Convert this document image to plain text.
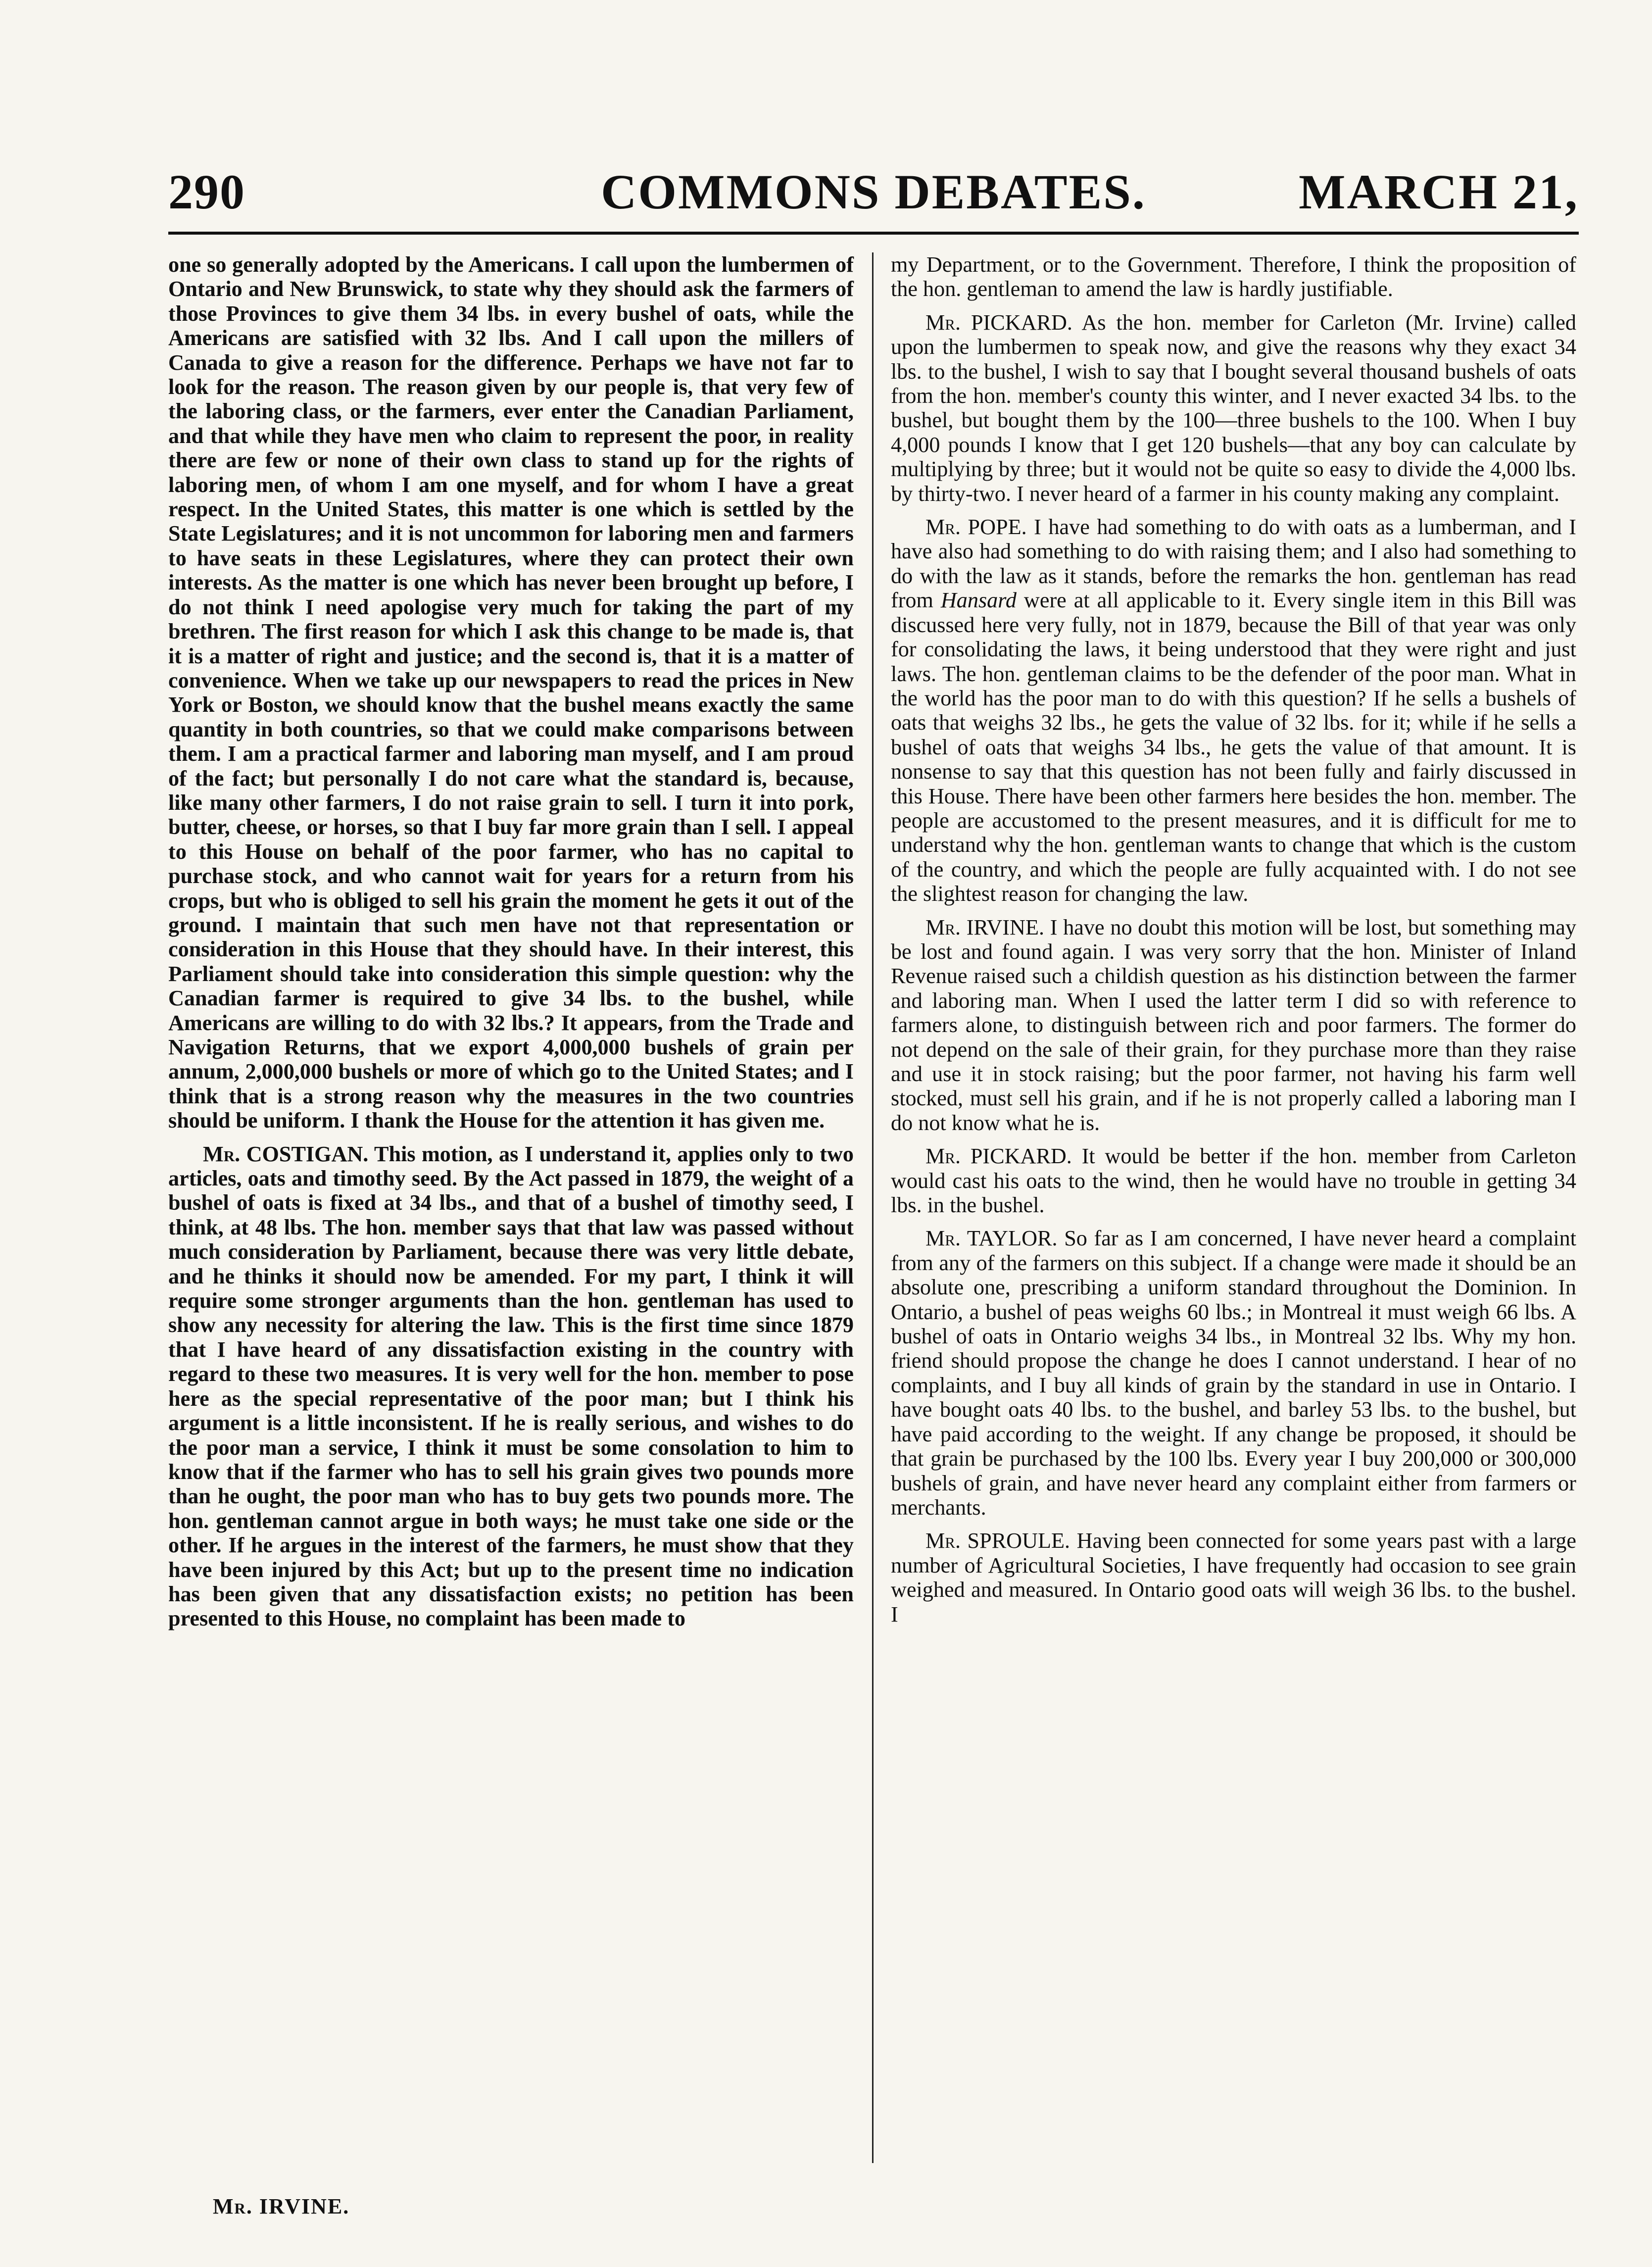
290	COMMONS DEBATES.	MARCH 21,

one so generally adopted by the Americans. I call upon the lumbermen of Ontario and New Brunswick, to state why they should ask the farmers of those Provinces to give them 34 lbs. in every bushel of oats, while the Americans are satisfied with 32 lbs. And I call upon the millers of Canada to give a reason for the difference. Perhaps we have not far to look for the reason. The reason given by our people is, that very few of the laboring class, or the farmers, ever enter the Canadian Parliament, and that while they have men who claim to represent the poor, in reality there are few or none of their own class to stand up for the rights of laboring men, of whom I am one myself, and for whom I have a great respect. In the United States, this matter is one which is settled by the State Legislatures; and it is not uncommon for laboring men and farmers to have seats in these Legislatures, where they can protect their own interests. As the matter is one which has never been brought up before, I do not think I need apologise very much for taking the part of my brethren. The first reason for which I ask this change to be made is, that it is a matter of right and justice; and the second is, that it is a matter of convenience. When we take up our newspapers to read the prices in New York or Boston, we should know that the bushel means exactly the same quantity in both countries, so that we could make comparisons between them. I am a practical farmer and laboring man myself, and I am proud of the fact; but personally I do not care what the standard is, because, like many other farmers, I do not raise grain to sell. I turn it into pork, butter, cheese, or horses, so that I buy far more grain than I sell. I appeal to this House on behalf of the poor farmer, who has no capital to purchase stock, and who cannot wait for years for a return from his crops, but who is obliged to sell his grain the moment he gets it out of the ground. I maintain that such men have not that representation or consideration in this House that they should have. In their interest, this Parliament should take into consideration this simple question: why the Canadian farmer is required to give 34 lbs. to the bushel, while Americans are willing to do with 32 lbs.? It appears, from the Trade and Navigation Returns, that we export 4,000,000 bushels of grain per annum, 2,000,000 bushels or more of which go to the United States; and I think that is a strong reason why the measures in the two countries should be uniform. I thank the House for the attention it has given me.

Mr. COSTIGAN. This motion, as I understand it, applies only to two articles, oats and timothy seed. By the Act passed in 1879, the weight of a bushel of oats is fixed at 34 lbs., and that of a bushel of timothy seed, I think, at 48 lbs. The hon. member says that that law was passed without much consideration by Parliament, because there was very little debate, and he thinks it should now be amended. For my part, I think it will require some stronger arguments than the hon. gentleman has used to show any necessity for altering the law. This is the first time since 1879 that I have heard of any dissatisfaction existing in the country with regard to these two measures. It is very well for the hon. member to pose here as the special representative of the poor man; but I think his argument is a little inconsistent. If he is really serious, and wishes to do the poor man a service, I think it must be some consolation to him to know that if the farmer who has to sell his grain gives two pounds more than he ought, the poor man who has to buy gets two pounds more. The hon. gentleman cannot argue in both ways; he must take one side or the other. If he argues in the interest of the farmers, he must show that they have been injured by this Act; but up to the present time no indication has been given that any dissatisfaction exists; no petition has been presented to this House, no complaint has been made to

my Department, or to the Government. Therefore, I think the proposition of the hon. gentleman to amend the law is hardly justifiable.

Mr. PICKARD. As the hon. member for Carleton (Mr. Irvine) called upon the lumbermen to speak now, and give the reasons why they exact 34 lbs. to the bushel, I wish to say that I bought several thousand bushels of oats from the hon. member's county this winter, and I never exacted 34 lbs. to the bushel, but bought them by the 100—three bushels to the 100. When I buy 4,000 pounds I know that I get 120 bushels—that any boy can calculate by multiplying by three; but it would not be quite so easy to divide the 4,000 lbs. by thirty-two. I never heard of a farmer in his county making any complaint.

Mr. POPE. I have had something to do with oats as a lumberman, and I have also had something to do with raising them; and I also had something to do with the law as it stands, before the remarks the hon. gentleman has read from Hansard were at all applicable to it. Every single item in this Bill was discussed here very fully, not in 1879, because the Bill of that year was only for consolidating the laws, it being understood that they were right and just laws. The hon. gentleman claims to be the defender of the poor man. What in the world has the poor man to do with this question? If he sells a bushels of oats that weighs 32 lbs., he gets the value of 32 lbs. for it; while if he sells a bushel of oats that weighs 34 lbs., he gets the value of that amount. It is nonsense to say that this question has not been fully and fairly discussed in this House. There have been other farmers here besides the hon. member. The people are accustomed to the present measures, and it is difficult for me to understand why the hon. gentleman wants to change that which is the custom of the country, and which the people are fully acquainted with. I do not see the slightest reason for changing the law.

Mr. IRVINE. I have no doubt this motion will be lost, but something may be lost and found again. I was very sorry that the hon. Minister of Inland Revenue raised such a childish question as his distinction between the farmer and laboring man. When I used the latter term I did so with reference to farmers alone, to distinguish between rich and poor farmers. The former do not depend on the sale of their grain, for they purchase more than they raise and use it in stock raising; but the poor farmer, not having his farm well stocked, must sell his grain, and if he is not properly called a laboring man I do not know what he is.

Mr. PICKARD. It would be better if the hon. member from Carleton would cast his oats to the wind, then he would have no trouble in getting 34 lbs. in the bushel.

Mr. TAYLOR. So far as I am concerned, I have never heard a complaint from any of the farmers on this subject. If a change were made it should be an absolute one, prescribing a uniform standard throughout the Dominion. In Ontario, a bushel of peas weighs 60 lbs.; in Montreal it must weigh 66 lbs. A bushel of oats in Ontario weighs 34 lbs., in Montreal 32 lbs. Why my hon. friend should propose the change he does I cannot understand. I hear of no complaints, and I buy all kinds of grain by the standard in use in Ontario. I have bought oats 40 lbs. to the bushel, and barley 53 lbs. to the bushel, but have paid according to the weight. If any change be proposed, it should be that grain be purchased by the 100 lbs. Every year I buy 200,000 or 300,000 bushels of grain, and have never heard any complaint either from farmers or merchants.

Mr. SPROULE. Having been connected for some years past with a large number of Agricultural Societies, I have frequently had occasion to see grain weighed and measured. In Ontario good oats will weigh 36 lbs. to the bushel. I

Mr. IRVINE.
